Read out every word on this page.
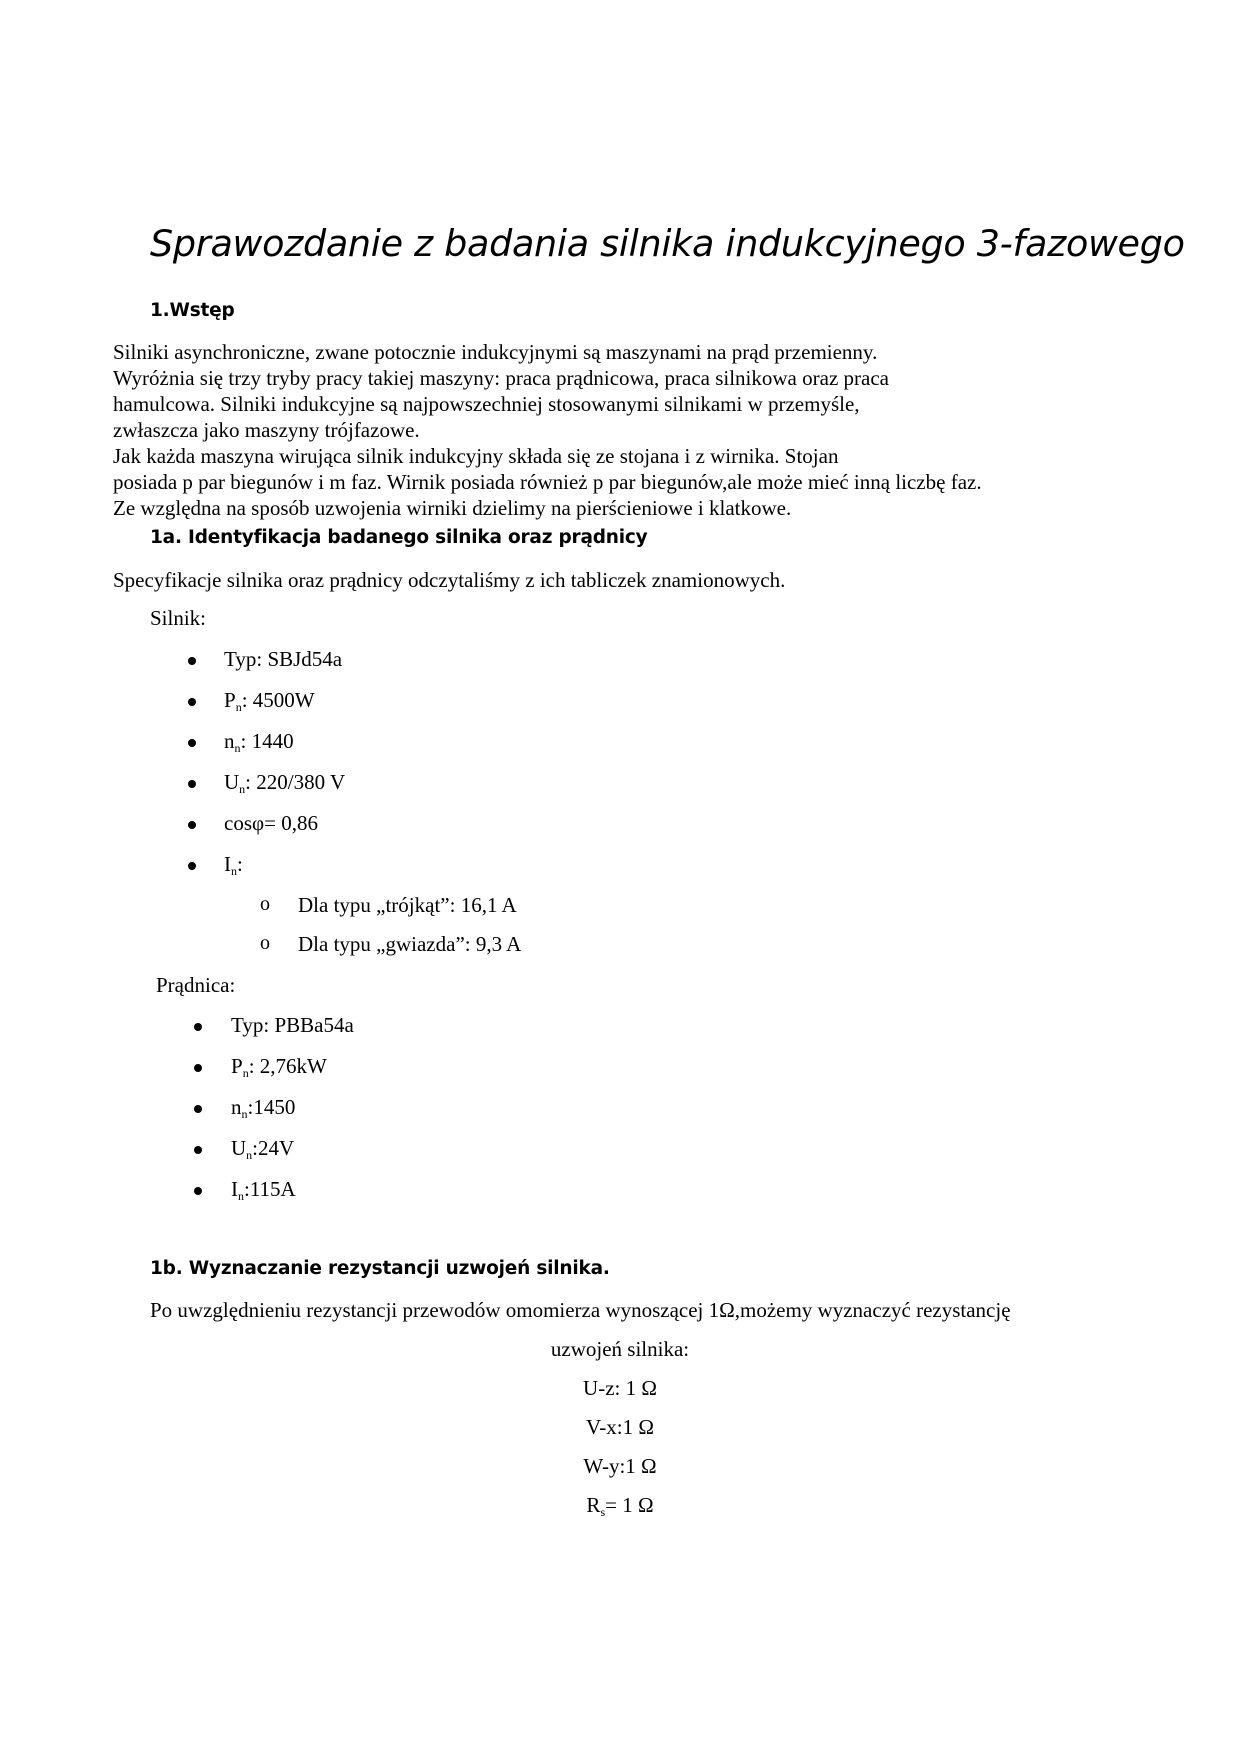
Sprawozdanie z badania silnika indukcyjnego 3-fazowego
1.Wstęp
Silniki asynchroniczne, zwane potocznie indukcyjnymi są maszynami na prąd przemienny.
Wyróżnia się trzy tryby pracy takiej maszyny: praca prądnicowa, praca silnikowa oraz praca
hamulcowa. Silniki indukcyjne są najpowszechniej stosowanymi silnikami w przemyśle,
zwłaszcza jako maszyny trójfazowe.
Jak każda maszyna wirująca silnik indukcyjny składa się ze stojana i z wirnika. Stojan
posiada p par biegunów i m faz. Wirnik posiada również p par biegunów,ale może mieć inną liczbę faz.
Ze względna na sposób uzwojenia wirniki dzielimy na pierścieniowe i klatkowe.
1a. Identyfikacja badanego silnika oraz prądnicy
Specyfikacje silnika oraz prądnicy odczytaliśmy z ich tabliczek znamionowych.
Silnik:
Typ: SBJd54a
$P_n$: 4500W
$n_n$: 1440
$U_n$: 220/380 V
cosφ= 0,86
$I_n$:
o Dla typu „trójkąt”: 16,1 A
o Dla typu „gwiazda”: 9,3 A
Prądnica:
Typ: PBBa54a
$P_n$: 2,76kW
$n_n:1450$
$U_n:24V$
$I_n:115A$
1b. Wyznaczanie rezystancji uzwojeń silnika.
Po uwzględnieniu rezystancji przewodów omomierza wynoszącej 1Ω,możemy wyznaczyć rezystancję
uzwojeń silnika:
U-z: 1 Ω
V-x:1 Ω
W-y:1 Ω
$R_s= 1$ Ω
